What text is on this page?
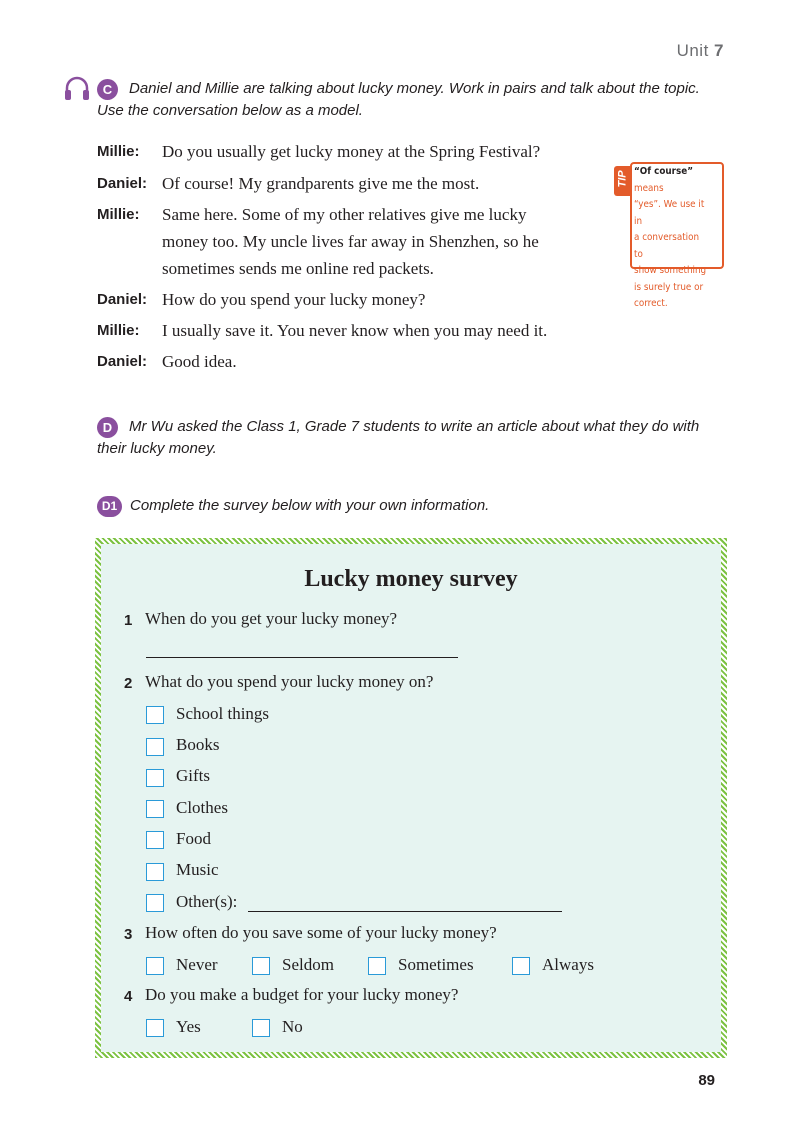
Unit 7
C	Daniel and Millie are talking about lucky money. Work in pairs and talk about the topic. Use the conversation below as a model.
Millie: Do you usually get lucky money at the Spring Festival?
Daniel: Of course! My grandparents give me the most.
Millie: Same here. Some of my other relatives give me lucky
money too. My uncle lives far away in Shenzhen, so he
sometimes sends me online red packets.
Daniel: How do you spend your lucky money?
Millie: I usually save it. You never know when you may need it.
Daniel: Good idea.
TIP “Of course” means
“yes”. We use it in
a conversation to
show something
is surely true or
correct.
D	Mr Wu asked the Class 1, Grade 7 students to write an article about what they do with their lucky money.
D1 Complete the survey below with your own information.
Lucky money survey
1 When do you get your lucky money?
2 What do you spend your lucky money on?
School things
Books
Gifts
Clothes
Food
Music
Other(s):
3 How often do you save some of your lucky money?
Never	Seldom	Sometimes	Always
4 Do you make a budget for your lucky money?
Yes	No
89
